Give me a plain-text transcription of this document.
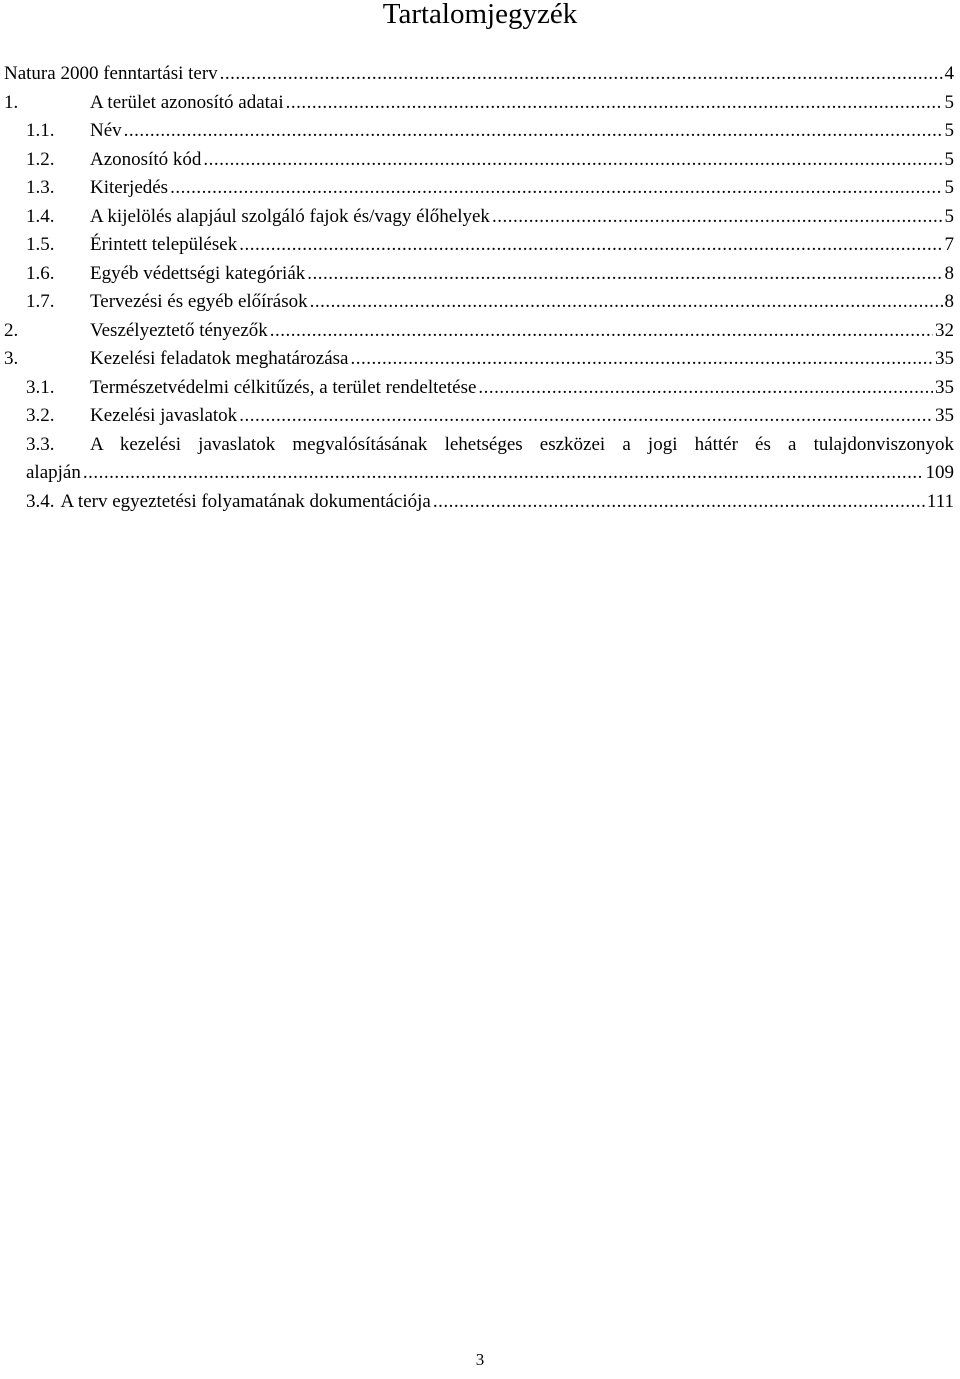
Tartalomjegyzék
Natura 2000 fenntartási terv .....	4
1.	A terület azonosító adatai .....	5
1.1.	Név .....	5
1.2.	Azonosító kód .....	5
1.3.	Kiterjedés .....	5
1.4.	A kijelölés alapjául szolgáló fajok és/vagy élőhelyek .....	5
1.5.	Érintett települések .....	7
1.6.	Egyéb védettségi kategóriák .....	8
1.7.	Tervezési és egyéb előírások .....	8
2.	Veszélyeztető tényezők .....	32
3.	Kezelési feladatok meghatározása .....	35
3.1.	Természetvédelmi célkitűzés, a terület rendeltetése .....	35
3.2.	Kezelési javaslatok .....	35
3.3.	A kezelési javaslatok megvalósításának lehetséges eszközei a jogi háttér és a tulajdonviszonyok
alapján .....	109
3.4. A terv egyeztetési folyamatának dokumentációja .....	111
3
